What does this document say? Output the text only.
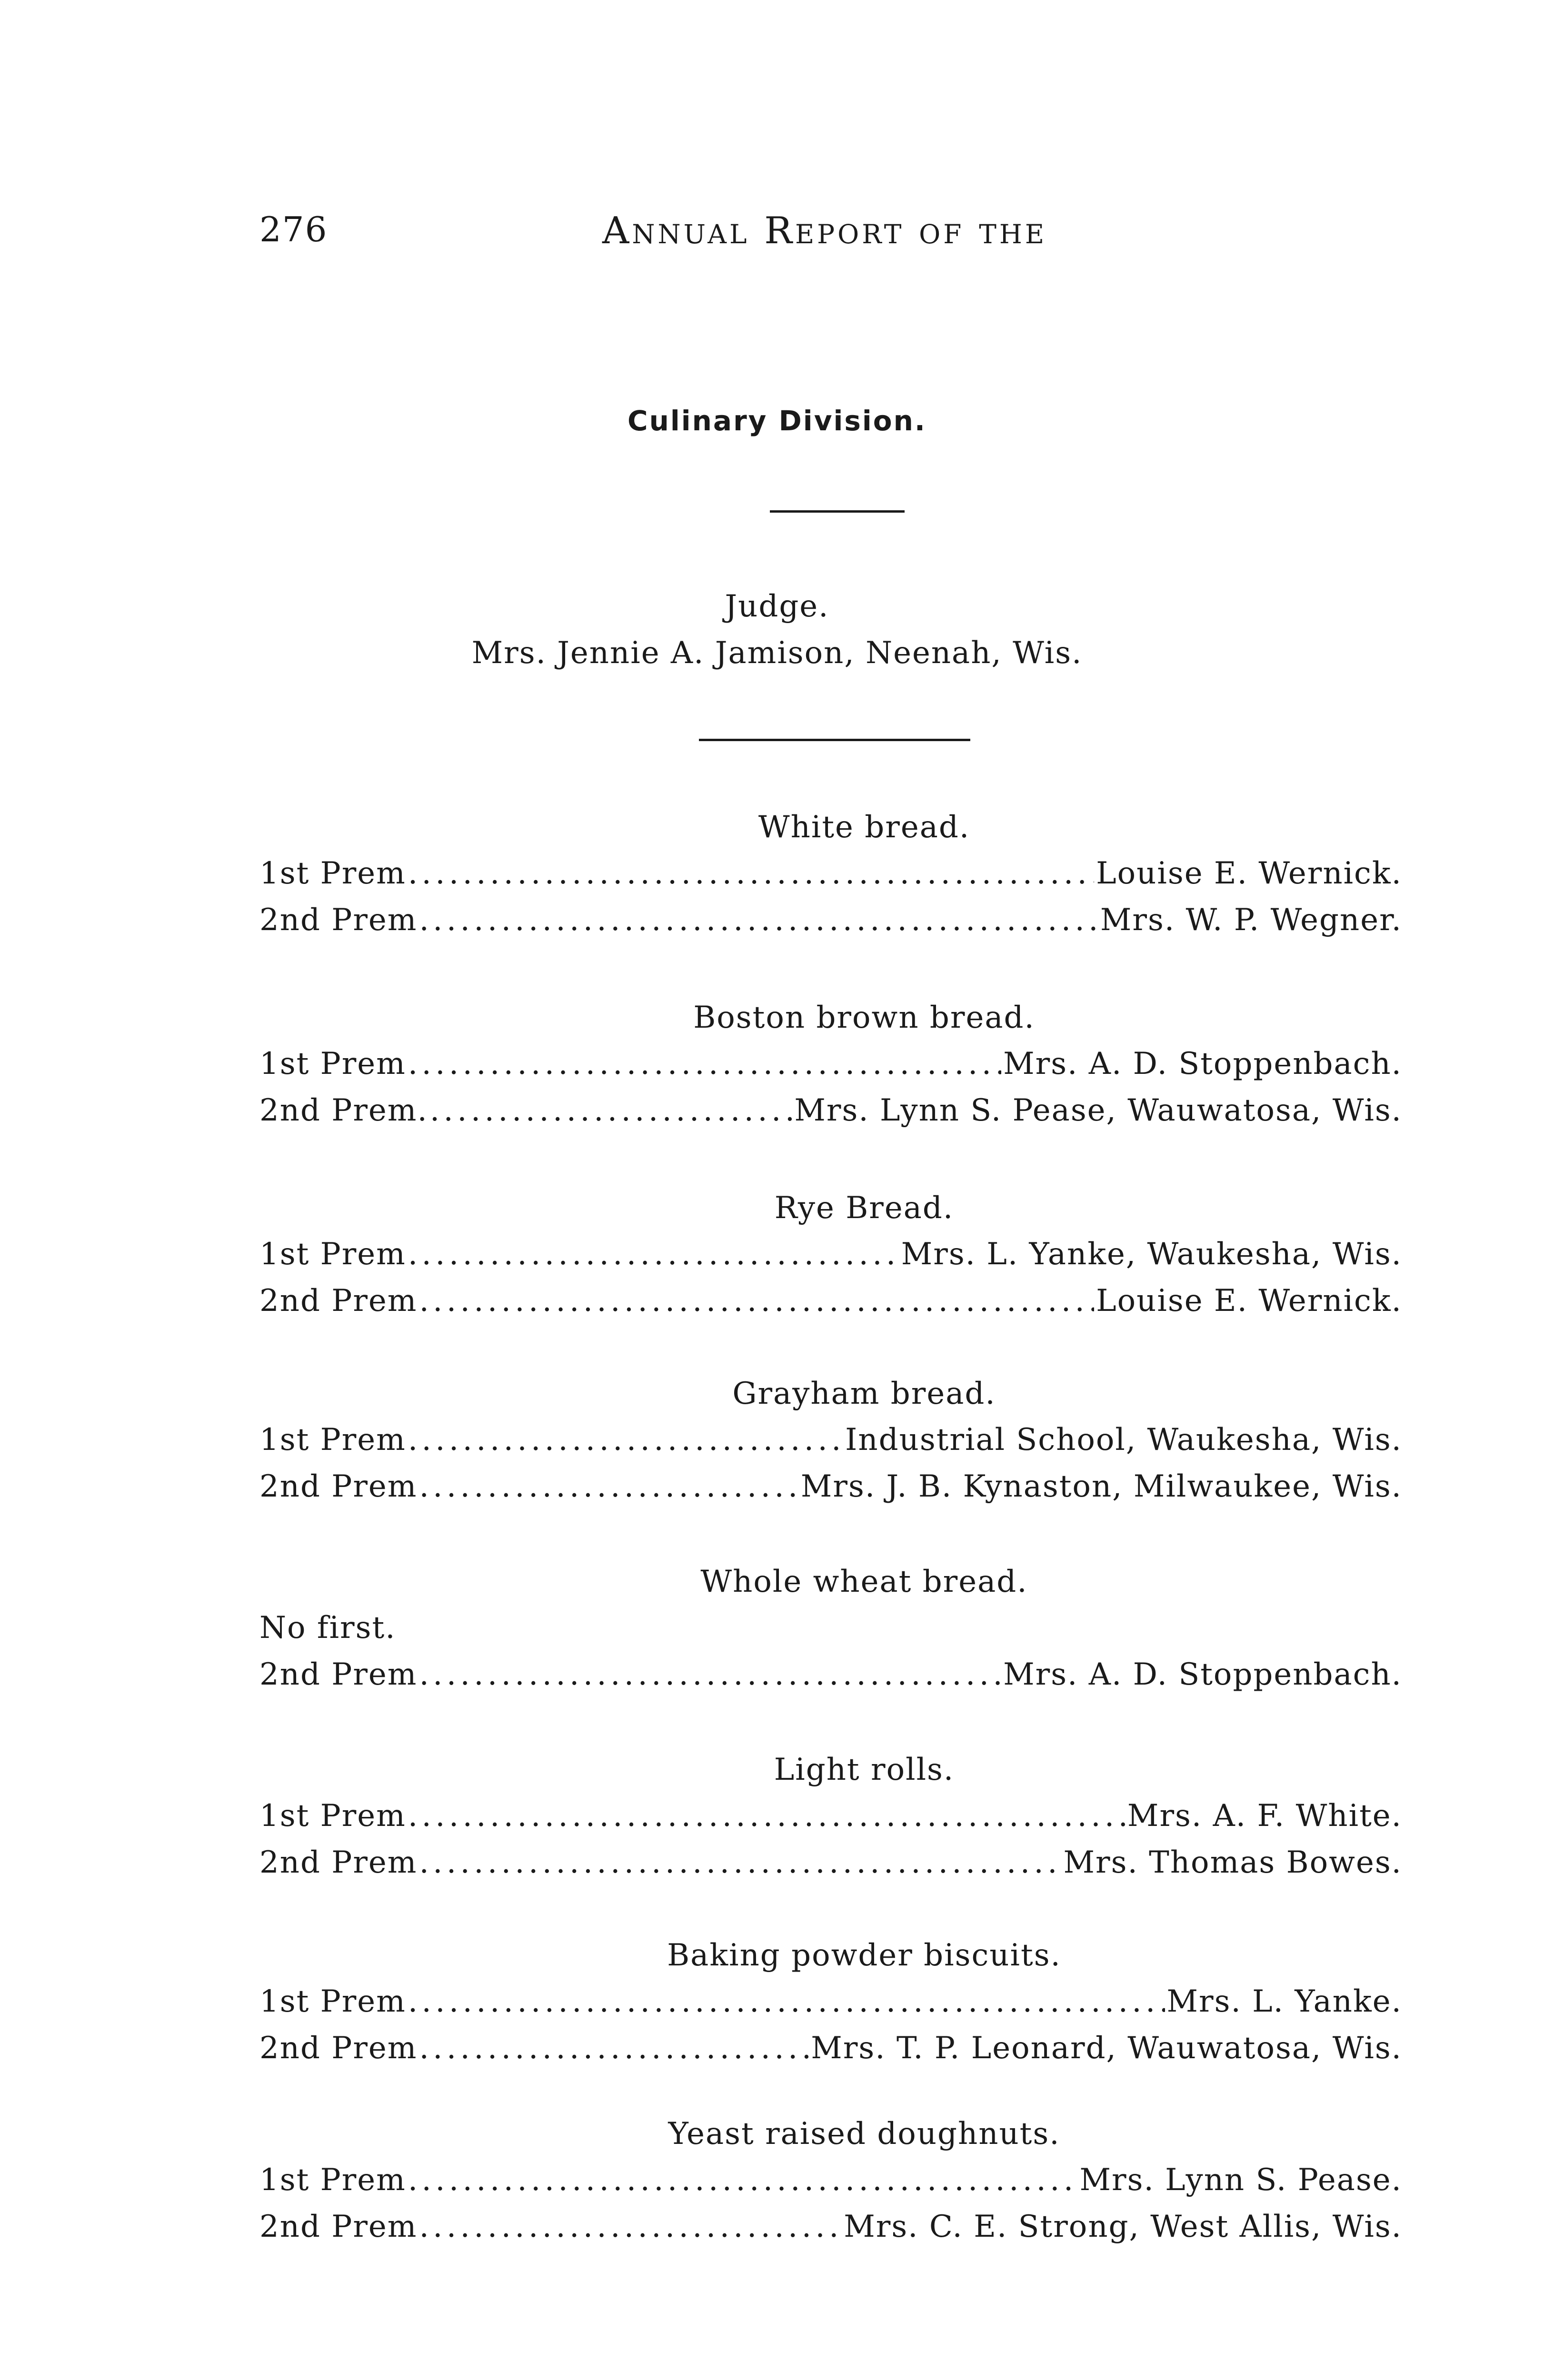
276	Annual Report of the
Culinary Division.
Judge.
Mrs. Jennie A. Jamison, Neenah, Wis.
White bread.
1st Prem . . .	Louise E. Wernick.
2nd Prem . . .	Mrs. W. P. Wegner.
Boston brown bread.
1st Prem . . .	Mrs. A. D. Stoppenbach.
2nd Prem. . . .	Mrs. Lynn S. Pease, Wauwatosa, Wis.
Rye Bread.
1st Prem . . .	Mrs. L. Yanke, Waukesha, Wis.
2nd Prem . . .	Louise E. Wernick.
Grayham bread.
1st Prem . . .	Industrial School, Waukesha, Wis.
2nd Prem . . .	Mrs. J. B. Kynaston, Milwaukee, Wis.
Whole wheat bread.
No first.
2nd Prem . . .	Mrs. A. D. Stoppenbach.
Light rolls.
1st Prem . . .	Mrs. A. F. White.
2nd Prem . . .	Mrs. Thomas Bowes.
Baking powder biscuits.
1st Prem . . .	Mrs. L. Yanke.
2nd Prem . . .	Mrs. T. P. Leonard, Wauwatosa, Wis.
Yeast raised doughnuts.
1st Prem . . .	Mrs. Lynn S. Pease.
2nd Prem . . .	Mrs. C. E. Strong, West Allis, Wis.
